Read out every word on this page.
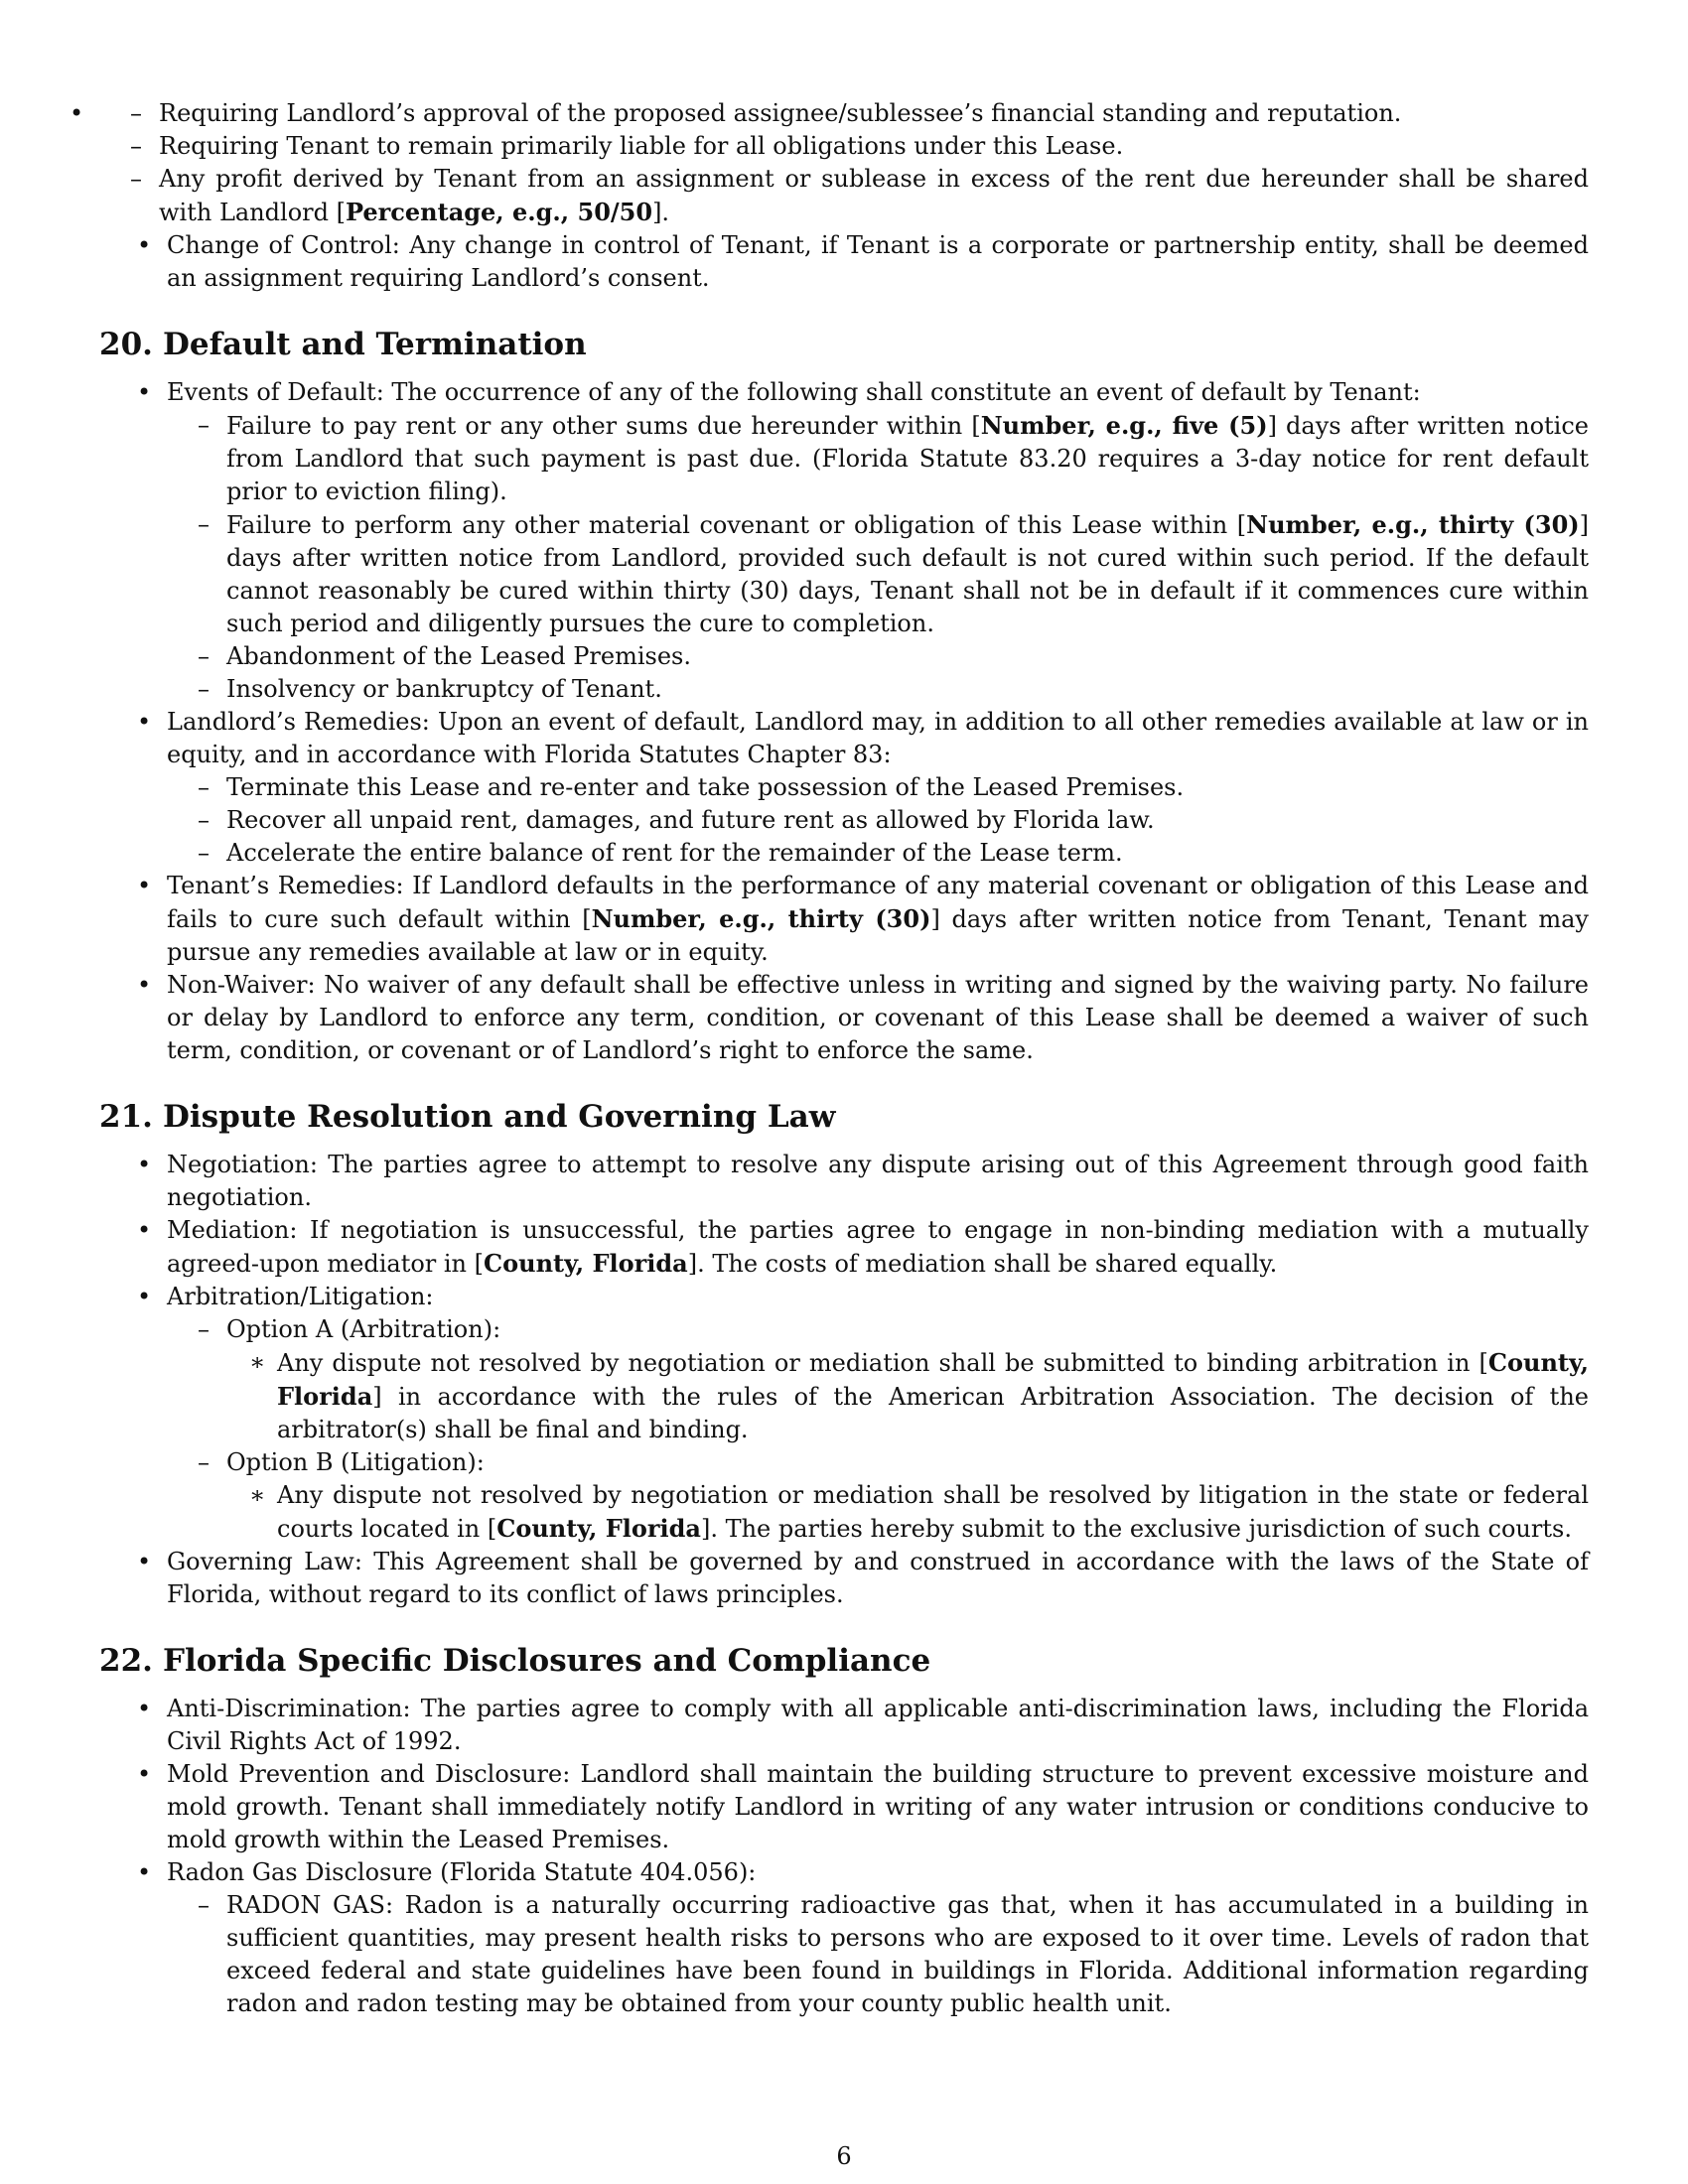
– • Requiring Landlord’s approval of the proposed assignee/sublessee’s financial standing and reputation.

– Requiring Tenant to remain primarily liable for all obligations under this Lease.

– Any profit derived by Tenant from an assignment or sublease in excess of the rent due hereunder shall be shared with Landlord [Percentage, e.g., 50/50].

• Change of Control: Any change in control of Tenant, if Tenant is a corporate or partnership entity, shall be deemed an assignment requiring Landlord’s consent.

20. Default and Termination

• Events of Default: The occurrence of any of the following shall constitute an event of default by Tenant:

– Failure to pay rent or any other sums due hereunder within [Number, e.g., five (5)] days after written notice from Landlord that such payment is past due. (Florida Statute 83.20 requires a 3-day notice for rent default prior to eviction filing).

– Failure to perform any other material covenant or obligation of this Lease within [Number, e.g., thirty (30)] days after written notice from Landlord, provided such default is not cured within such period. If the default cannot reasonably be cured within thirty (30) days, Tenant shall not be in default if it commences cure within such period and diligently pursues the cure to completion.

– Abandonment of the Leased Premises.

– Insolvency or bankruptcy of Tenant.

• Landlord’s Remedies: Upon an event of default, Landlord may, in addition to all other remedies available at law or in equity, and in accordance with Florida Statutes Chapter 83:

– Terminate this Lease and re-enter and take possession of the Leased Premises.

– Recover all unpaid rent, damages, and future rent as allowed by Florida law.

– Accelerate the entire balance of rent for the remainder of the Lease term.

• Tenant’s Remedies: If Landlord defaults in the performance of any material covenant or obligation of this Lease and fails to cure such default within [Number, e.g., thirty (30)] days after written notice from Tenant, Tenant may pursue any remedies available at law or in equity.

• Non-Waiver: No waiver of any default shall be effective unless in writing and signed by the waiving party. No failure or delay by Landlord to enforce any term, condition, or covenant of this Lease shall be deemed a waiver of such term, condition, or covenant or of Landlord’s right to enforce the same.

21. Dispute Resolution and Governing Law

• Negotiation: The parties agree to attempt to resolve any dispute arising out of this Agreement through good faith negotiation.

• Mediation: If negotiation is unsuccessful, the parties agree to engage in non-binding mediation with a mutually agreed-upon mediator in [County, Florida]. The costs of mediation shall be shared equally.

• Arbitration/Litigation:

– Option A (Arbitration):

∗ Any dispute not resolved by negotiation or mediation shall be submitted to binding arbitration in [County, Florida] in accordance with the rules of the American Arbitration Association. The decision of the arbitrator(s) shall be final and binding.

– Option B (Litigation):

∗ Any dispute not resolved by negotiation or mediation shall be resolved by litigation in the state or federal courts located in [County, Florida]. The parties hereby submit to the exclusive jurisdiction of such courts.

• Governing Law: This Agreement shall be governed by and construed in accordance with the laws of the State of Florida, without regard to its conflict of laws principles.

22. Florida Specific Disclosures and Compliance

• Anti-Discrimination: The parties agree to comply with all applicable anti-discrimination laws, including the Florida Civil Rights Act of 1992.

• Mold Prevention and Disclosure: Landlord shall maintain the building structure to prevent excessive moisture and mold growth. Tenant shall immediately notify Landlord in writing of any water intrusion or conditions conducive to mold growth within the Leased Premises.

• Radon Gas Disclosure (Florida Statute 404.056):

– RADON GAS: Radon is a naturally occurring radioactive gas that, when it has accumulated in a building in sufficient quantities, may present health risks to persons who are exposed to it over time. Levels of radon that exceed federal and state guidelines have been found in buildings in Florida. Additional information regarding radon and radon testing may be obtained from your county public health unit.

6
